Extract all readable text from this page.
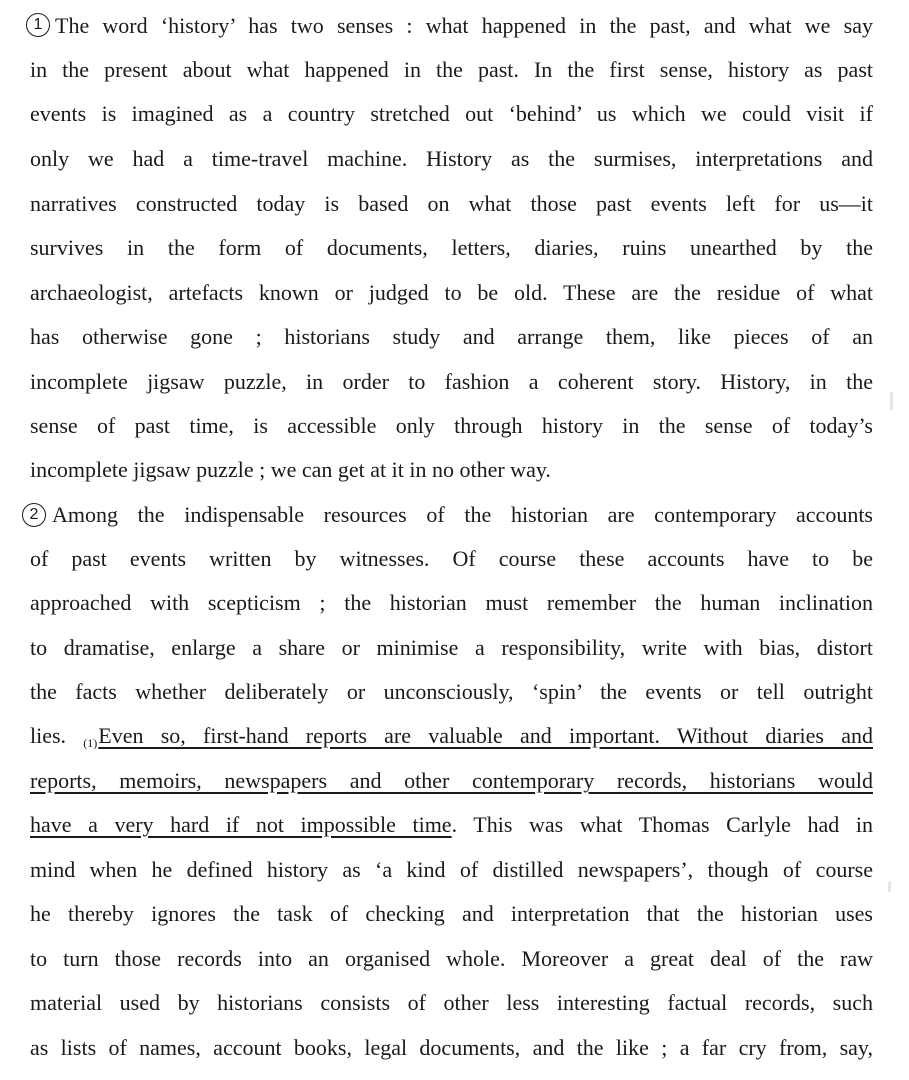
1 The word ‘history’ has two senses : what happened in the past, and what we say
in the present about what happened in the past. In the first sense, history as past
events is imagined as a country stretched out ‘behind’ us which we could visit if
only we had a time-travel machine. History as the surmises, interpretations and
narratives constructed today is based on what those past events left for us—it
survives in the form of documents, letters, diaries, ruins unearthed by the
archaeologist, artefacts known or judged to be old. These are the residue of what
has otherwise gone ; historians study and arrange them, like pieces of an
incomplete jigsaw puzzle, in order to fashion a coherent story. History, in the
sense of past time, is accessible only through history in the sense of today’s
incomplete jigsaw puzzle ; we can get at it in no other way.
2 Among the indispensable resources of the historian are contemporary accounts
of past events written by witnesses. Of course these accounts have to be
approached with scepticism ; the historian must remember the human inclination
to dramatise, enlarge a share or minimise a responsibility, write with bias, distort
the facts whether deliberately or unconsciously, ‘spin’ the events or tell outright
lies. (1)Even so, first-hand reports are valuable and important. Without diaries and
reports, memoirs, newspapers and other contemporary records, historians would
have a very hard if not impossible time. This was what Thomas Carlyle had in
mind when he defined history as ‘a kind of distilled newspapers’, though of course
he thereby ignores the task of checking and interpretation that the historian uses
to turn those records into an organised whole. Moreover a great deal of the raw
material used by historians consists of other less interesting factual records, such
as lists of names, account books, legal documents, and the like ; a far cry from, say,
